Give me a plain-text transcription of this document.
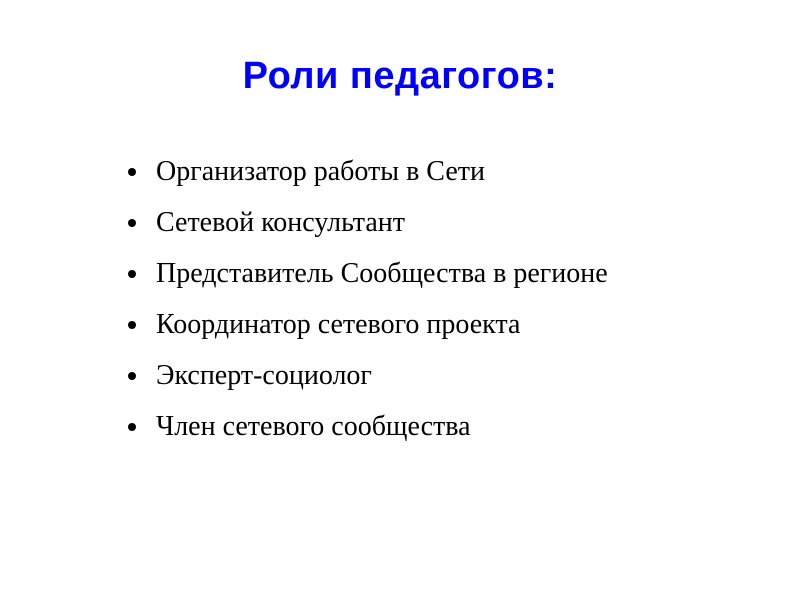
Роли педагогов:
Организатор работы в Сети
Сетевой консультант
Представитель Сообщества в регионе
Координатор сетевого проекта
Эксперт-социолог
Член сетевого сообщества
